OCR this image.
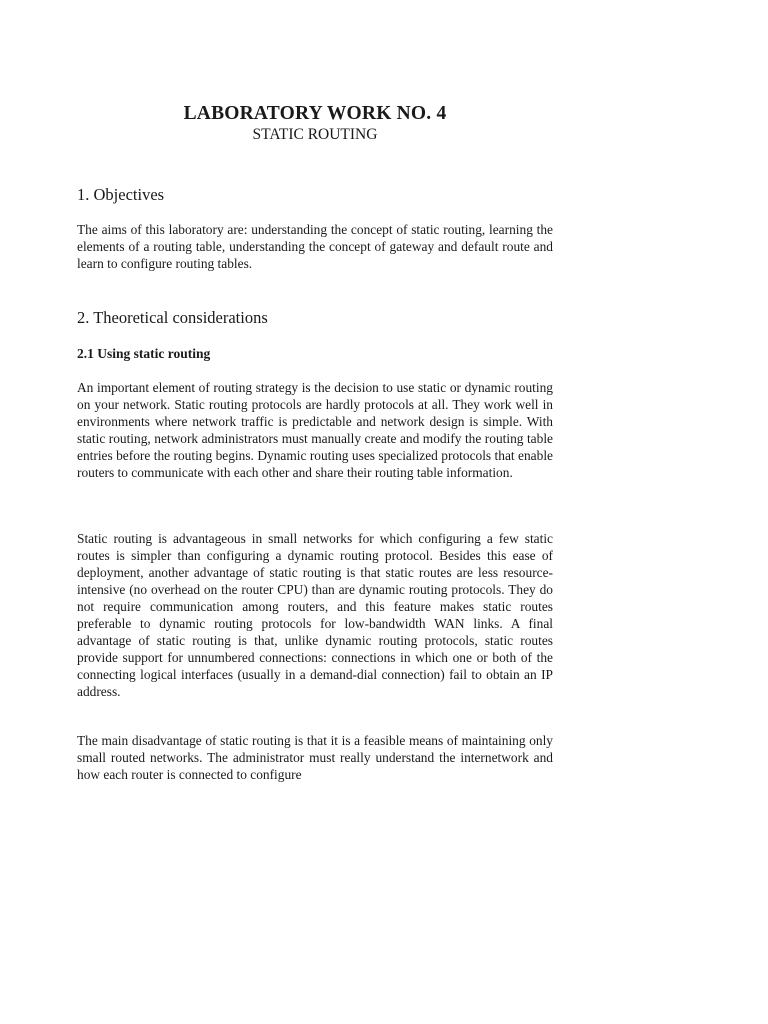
LABORATORY WORK NO. 4
STATIC ROUTING
1. Objectives

The aims of this laboratory are: understanding the concept of static routing, learning the elements of a routing table, understanding the concept of gateway and default route and learn to configure routing tables.

2. Theoretical considerations
2.1 Using static routing

An important element of routing strategy is the decision to use static or dynamic routing on your network. Static routing protocols are hardly protocols at all. They work well in environments where network traffic is predictable and network design is simple. With static routing, network administrators must manually create and modify the routing table entries before the routing begins. Dynamic routing uses specialized protocols that enable routers to communicate with each other and share their routing table information.

Static routing is advantageous in small networks for which configuring a few static routes is simpler than configuring a dynamic routing protocol. Besides this ease of deployment, another advantage of static routing is that static routes are less resource-intensive (no overhead on the router CPU) than are dynamic routing protocols. They do not require communication among routers, and this feature makes static routes preferable to dynamic routing protocols for low-bandwidth WAN links. A final advantage of static routing is that, unlike dynamic routing protocols, static routes provide support for unnumbered connections: connections in which one or both of the connecting logical interfaces (usually in a demand-dial connection) fail to obtain an IP address.

The main disadvantage of static routing is that it is a feasible means of maintaining only small routed networks. The administrator must really understand the internetwork and how each router is connected to configure
